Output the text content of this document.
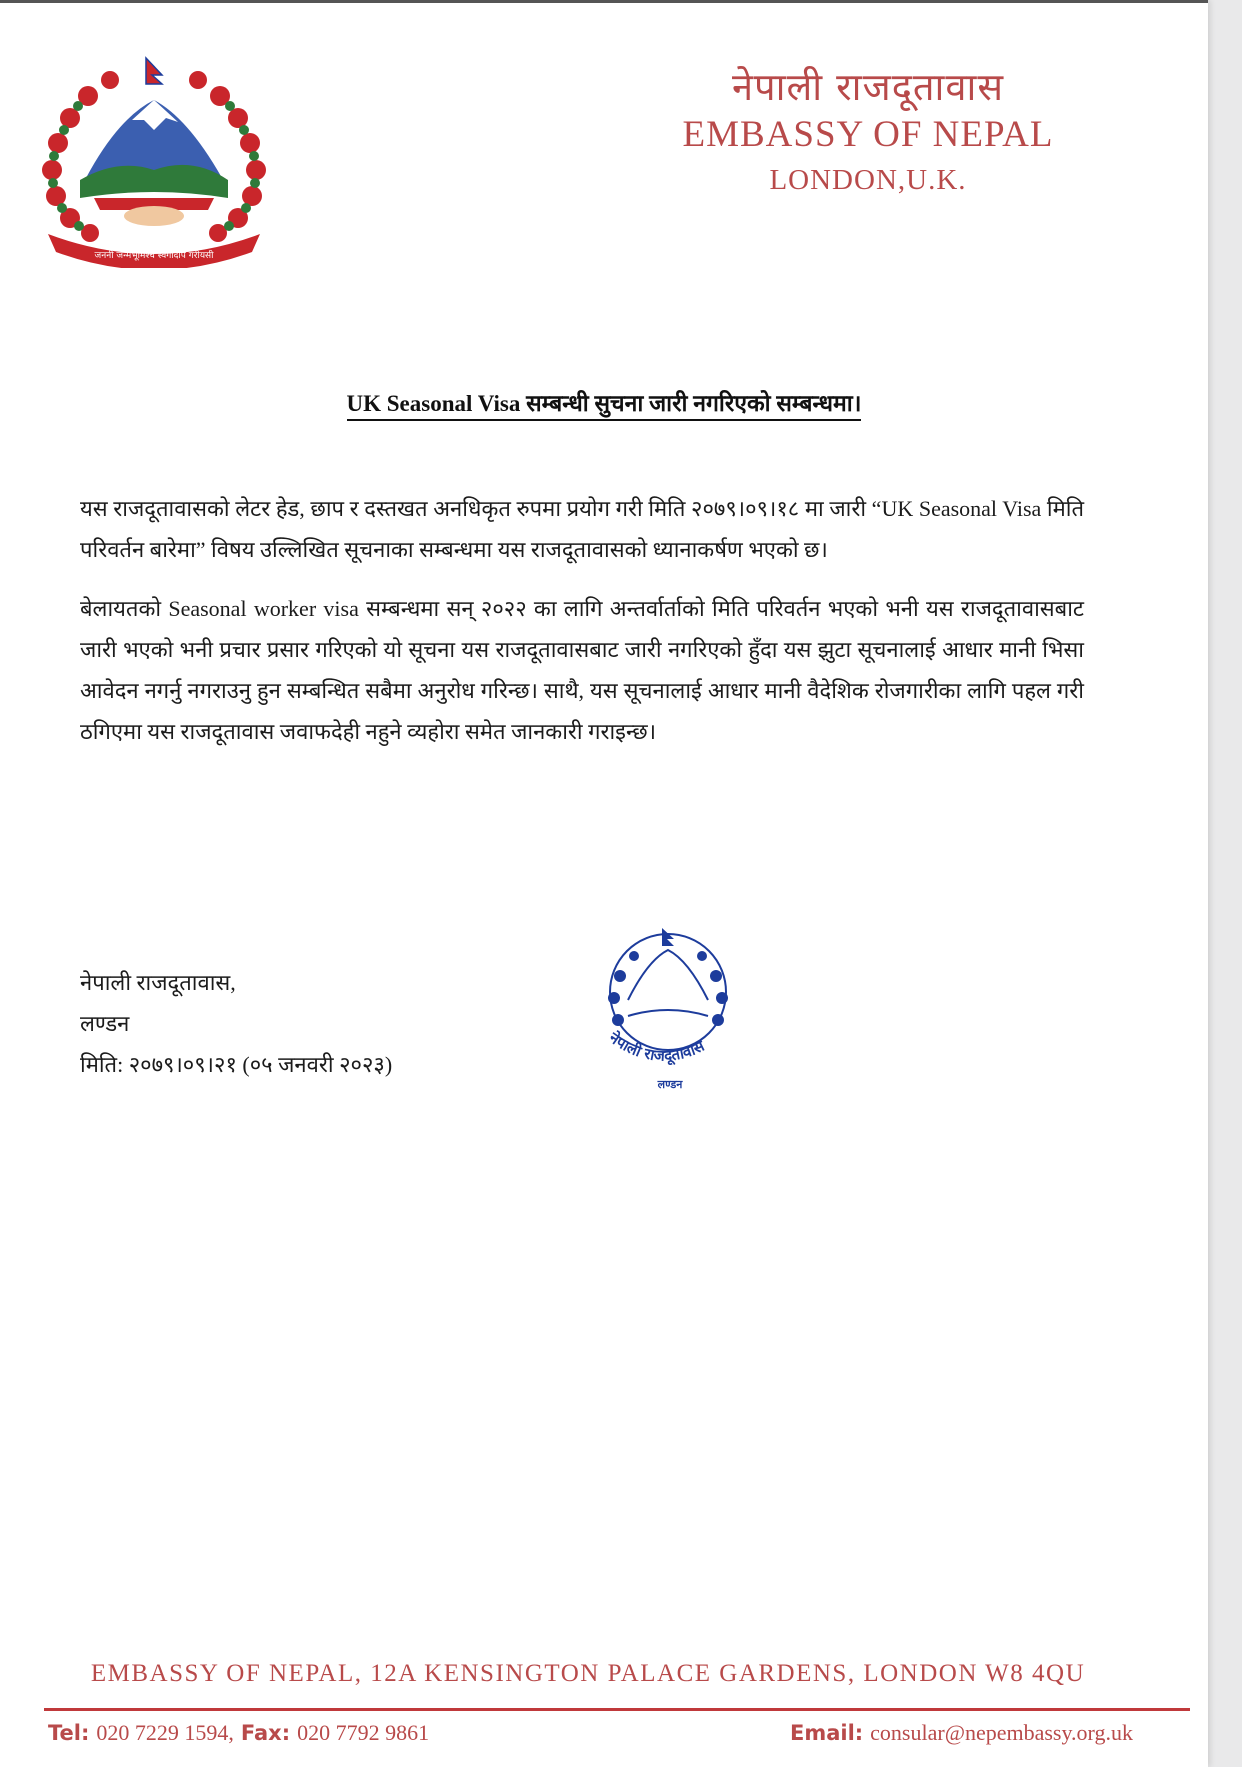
जननी जन्मभूमिश्च स्वर्गादपि गरीयसी
नेपाली राजदूतावास
EMBASSY OF NEPAL
LONDON,U.K.
UK Seasonal Visa सम्बन्धी सुचना जारी नगरिएको सम्बन्धमा।

यस राजदूतावासको लेटर हेड, छाप र दस्तखत अनधिकृत रुपमा प्रयोग गरी मिति २०७९।०९।१८ मा जारी “UK Seasonal Visa मिति परिवर्तन बारेमा” विषय उल्लिखित सूचनाका सम्बन्धमा यस राजदूतावासको ध्यानाकर्षण भएको छ।

बेलायतको Seasonal worker visa सम्बन्धमा सन् २०२२ का लागि अन्तर्वार्ताको मिति परिवर्तन भएको भनी यस राजदूतावासबाट जारी भएको भनी प्रचार प्रसार गरिएको यो सूचना यस राजदूतावासबाट जारी नगरिएको हुँदा यस झुटा सूचनालाई आधार मानी भिसा आवेदन नगर्नु नगराउनु हुन सम्बन्धित सबैमा अनुरोध गरिन्छ। साथै, यस सूचनालाई आधार मानी वैदेशिक रोजगारीका लागि पहल गरी ठगिएमा यस राजदूतावास जवाफदेही नहुने व्यहोरा समेत जानकारी गराइन्छ।

नेपाली राजदूतावास,
लण्डन
मिति: २०७९।०९।२१ (०५ जनवरी २०२३)
नेपाली राजदूतावास
लण्डन
EMBASSY OF NEPAL, 12A KENSINGTON PALACE GARDENS, LONDON W8 4QU
Tel: 020 7229 1594, Fax: 020 7792 9861	Email: consular@nepembassy.org.uk
